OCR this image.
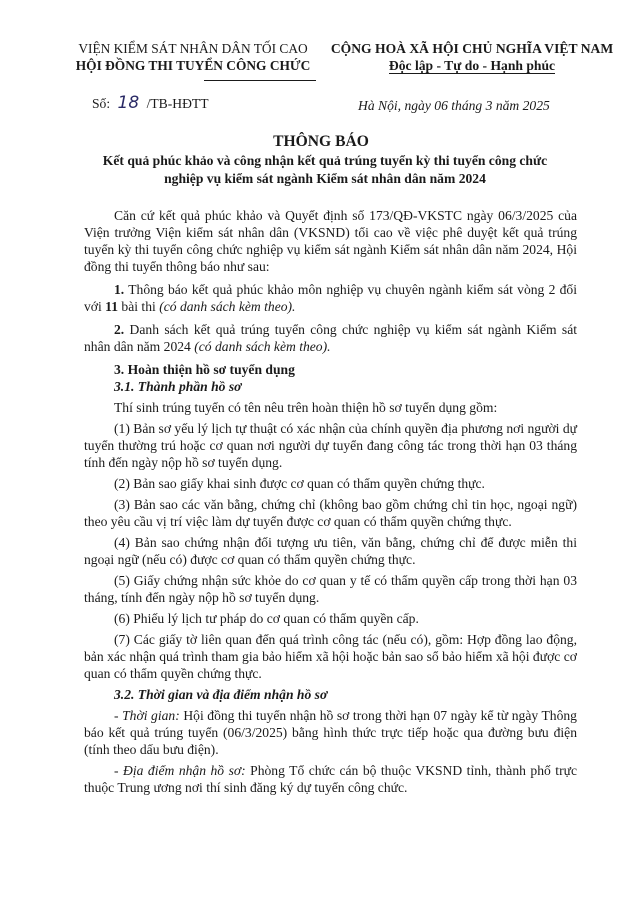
VIỆN KIỂM SÁT NHÂN DÂN TỐI CAO
HỘI ĐỒNG THI TUYỂN CÔNG CHỨC
CỘNG HOÀ XÃ HỘI CHỦ NGHĨA VIỆT NAM
Độc lập - Tự do - Hạnh phúc
Số: 18 /TB-HĐTT	Hà Nội, ngày 06 tháng 3 năm 2025
THÔNG BÁO
Kết quả phúc khảo và công nhận kết quả trúng tuyển kỳ thi tuyển công chức nghiệp vụ kiểm sát ngành Kiểm sát nhân dân năm 2024

Căn cứ kết quả phúc khảo và Quyết định số 173/QĐ-VKSTC ngày 06/3/2025 của Viện trưởng Viện kiểm sát nhân dân (VKSND) tối cao về việc phê duyệt kết quả trúng tuyển kỳ thi tuyển công chức nghiệp vụ kiểm sát ngành Kiểm sát nhân dân năm 2024, Hội đồng thi tuyển thông báo như sau:

1. Thông báo kết quả phúc khảo môn nghiệp vụ chuyên ngành kiểm sát vòng 2 đối với 11 bài thi (có danh sách kèm theo).

2. Danh sách kết quả trúng tuyển công chức nghiệp vụ kiểm sát ngành Kiểm sát nhân dân năm 2024 (có danh sách kèm theo).

3. Hoàn thiện hồ sơ tuyển dụng

3.1. Thành phần hồ sơ

Thí sinh trúng tuyển có tên nêu trên hoàn thiện hồ sơ tuyển dụng gồm:

(1) Bản sơ yếu lý lịch tự thuật có xác nhận của chính quyền địa phương nơi người dự tuyển thường trú hoặc cơ quan nơi người dự tuyển đang công tác trong thời hạn 03 tháng tính đến ngày nộp hồ sơ tuyển dụng.

(2) Bản sao giấy khai sinh được cơ quan có thẩm quyền chứng thực.

(3) Bản sao các văn bằng, chứng chỉ (không bao gồm chứng chỉ tin học, ngoại ngữ) theo yêu cầu vị trí việc làm dự tuyển được cơ quan có thẩm quyền chứng thực.

(4) Bản sao chứng nhận đối tượng ưu tiên, văn bằng, chứng chỉ để được miễn thi ngoại ngữ (nếu có) được cơ quan có thẩm quyền chứng thực.

(5) Giấy chứng nhận sức khỏe do cơ quan y tế có thẩm quyền cấp trong thời hạn 03 tháng, tính đến ngày nộp hồ sơ tuyển dụng.

(6) Phiếu lý lịch tư pháp do cơ quan có thẩm quyền cấp.

(7) Các giấy tờ liên quan đến quá trình công tác (nếu có), gồm: Hợp đồng lao động, bản xác nhận quá trình tham gia bảo hiểm xã hội hoặc bản sao sổ bảo hiểm xã hội được cơ quan có thẩm quyền chứng thực.

3.2. Thời gian và địa điểm nhận hồ sơ

- Thời gian: Hội đồng thi tuyển nhận hồ sơ trong thời hạn 07 ngày kể từ ngày Thông báo kết quả trúng tuyển (06/3/2025) bằng hình thức trực tiếp hoặc qua đường bưu điện (tính theo dấu bưu điện).

- Địa điểm nhận hồ sơ: Phòng Tổ chức cán bộ thuộc VKSND tỉnh, thành phố trực thuộc Trung ương nơi thí sinh đăng ký dự tuyển công chức.
